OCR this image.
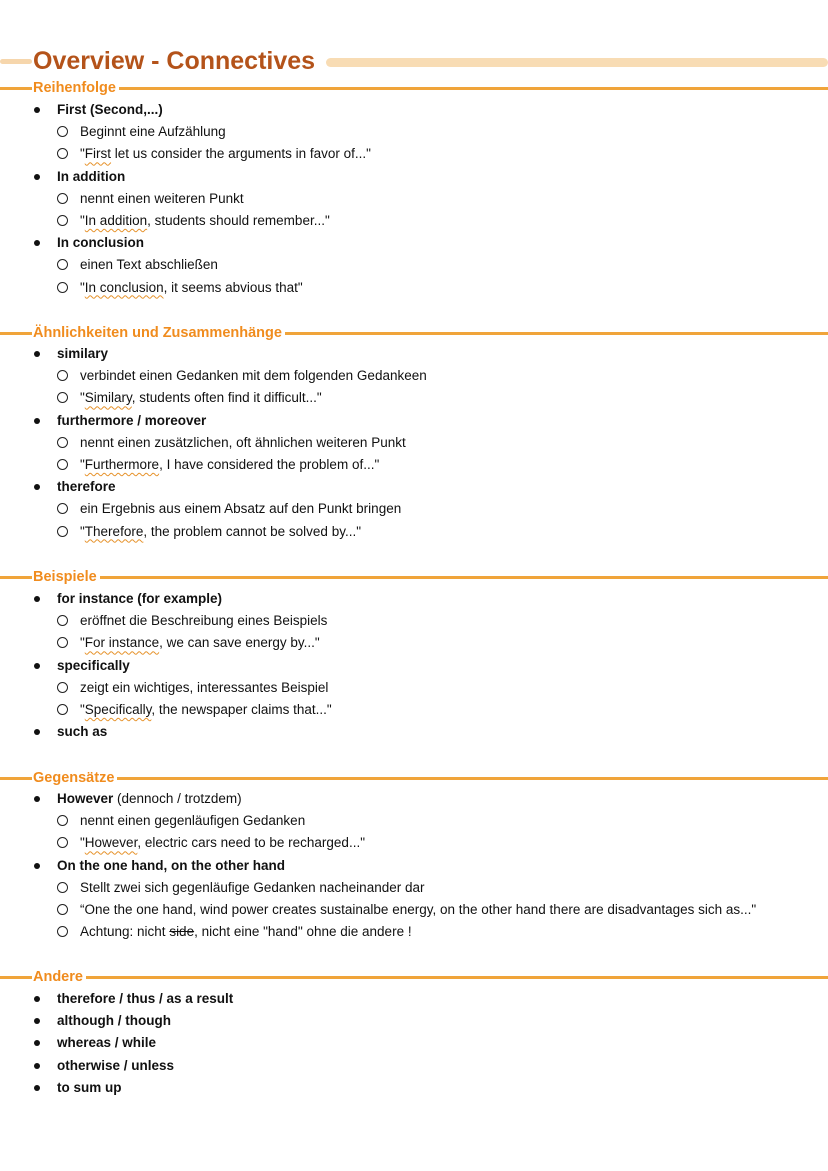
Overview - Connectives
Reihenfolge
First (Second,...)
Beginnt eine Aufzählung
"First let us consider the arguments in favor of..."
In addition
nennt einen weiteren Punkt
"In addition, students should remember..."
In conclusion
einen Text abschließen
"In conclusion, it seems abvious that"
Ähnlichkeiten und Zusammenhänge
similary
verbindet einen Gedanken mit dem folgenden Gedankeen
"Similary, students often find it difficult..."
furthermore / moreover
nennt einen zusätzlichen, oft ähnlichen weiteren Punkt
"Furthermore, I have considered the problem of..."
therefore
ein Ergebnis aus einem Absatz auf den Punkt bringen
"Therefore, the problem cannot be solved by..."
Beispiele
for instance (for example)
eröffnet die Beschreibung eines Beispiels
"For instance, we can save energy by..."
specifically
zeigt ein wichtiges, interessantes Beispiel
"Specifically, the newspaper claims that..."
such as
Gegensätze
However (dennoch / trotzdem)
nennt einen gegenläufigen Gedanken
"However, electric cars need to be recharged..."
On the one hand, on the other hand
Stellt zwei sich gegenläufige Gedanken nacheinander dar
“One the one hand, wind power creates sustainalbe energy, on the other hand there are disadvantages sich as..."
Achtung: nicht side, nicht eine "hand" ohne die andere !
Andere
therefore / thus / as a result
although / though
whereas / while
otherwise / unless
to sum up
